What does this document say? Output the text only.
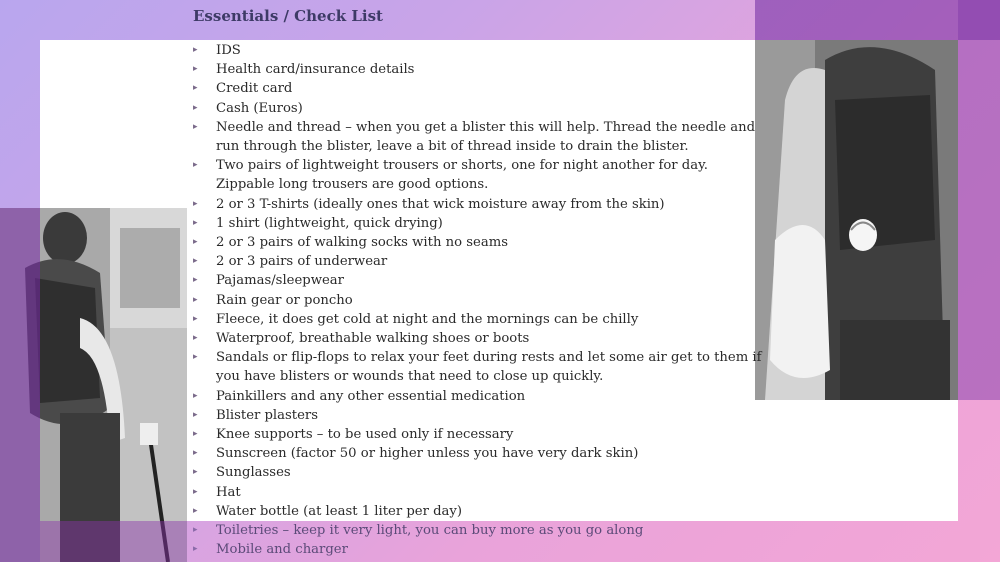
Essentials / Check List
▸ IDS
▸ Health card/insurance details
▸ Credit card
▸ Cash (Euros)
▸ Needle and thread – when you get a blister this will help. Thread the needle and run through the blister, leave a bit of thread inside to drain the blister.
▸ Two pairs of lightweight trousers or shorts, one for night another for day. Zippable long trousers are good options.
▸ 2 or 3 T-shirts (ideally ones that wick moisture away from the skin)
▸ 1 shirt (lightweight, quick drying)
▸ 2 or 3 pairs of walking socks with no seams
▸ 2 or 3 pairs of underwear
▸ Pajamas/sleepwear
▸ Rain gear or poncho
▸ Fleece, it does get cold at night and the mornings can be chilly
▸ Waterproof, breathable walking shoes or boots
▸ Sandals or flip-flops to relax your feet during rests and let some air get to them if you have blisters or wounds that need to close up quickly.
▸ Painkillers and any other essential medication
▸ Blister plasters
▸ Knee supports – to be used only if necessary
▸ Sunscreen (factor 50 or higher unless you have very dark skin)
▸ Sunglasses
▸ Hat
▸ Water bottle (at least 1 liter per day)
▸ Toiletries – keep it very light, you can buy more as you go along
▸ Mobile and charger
